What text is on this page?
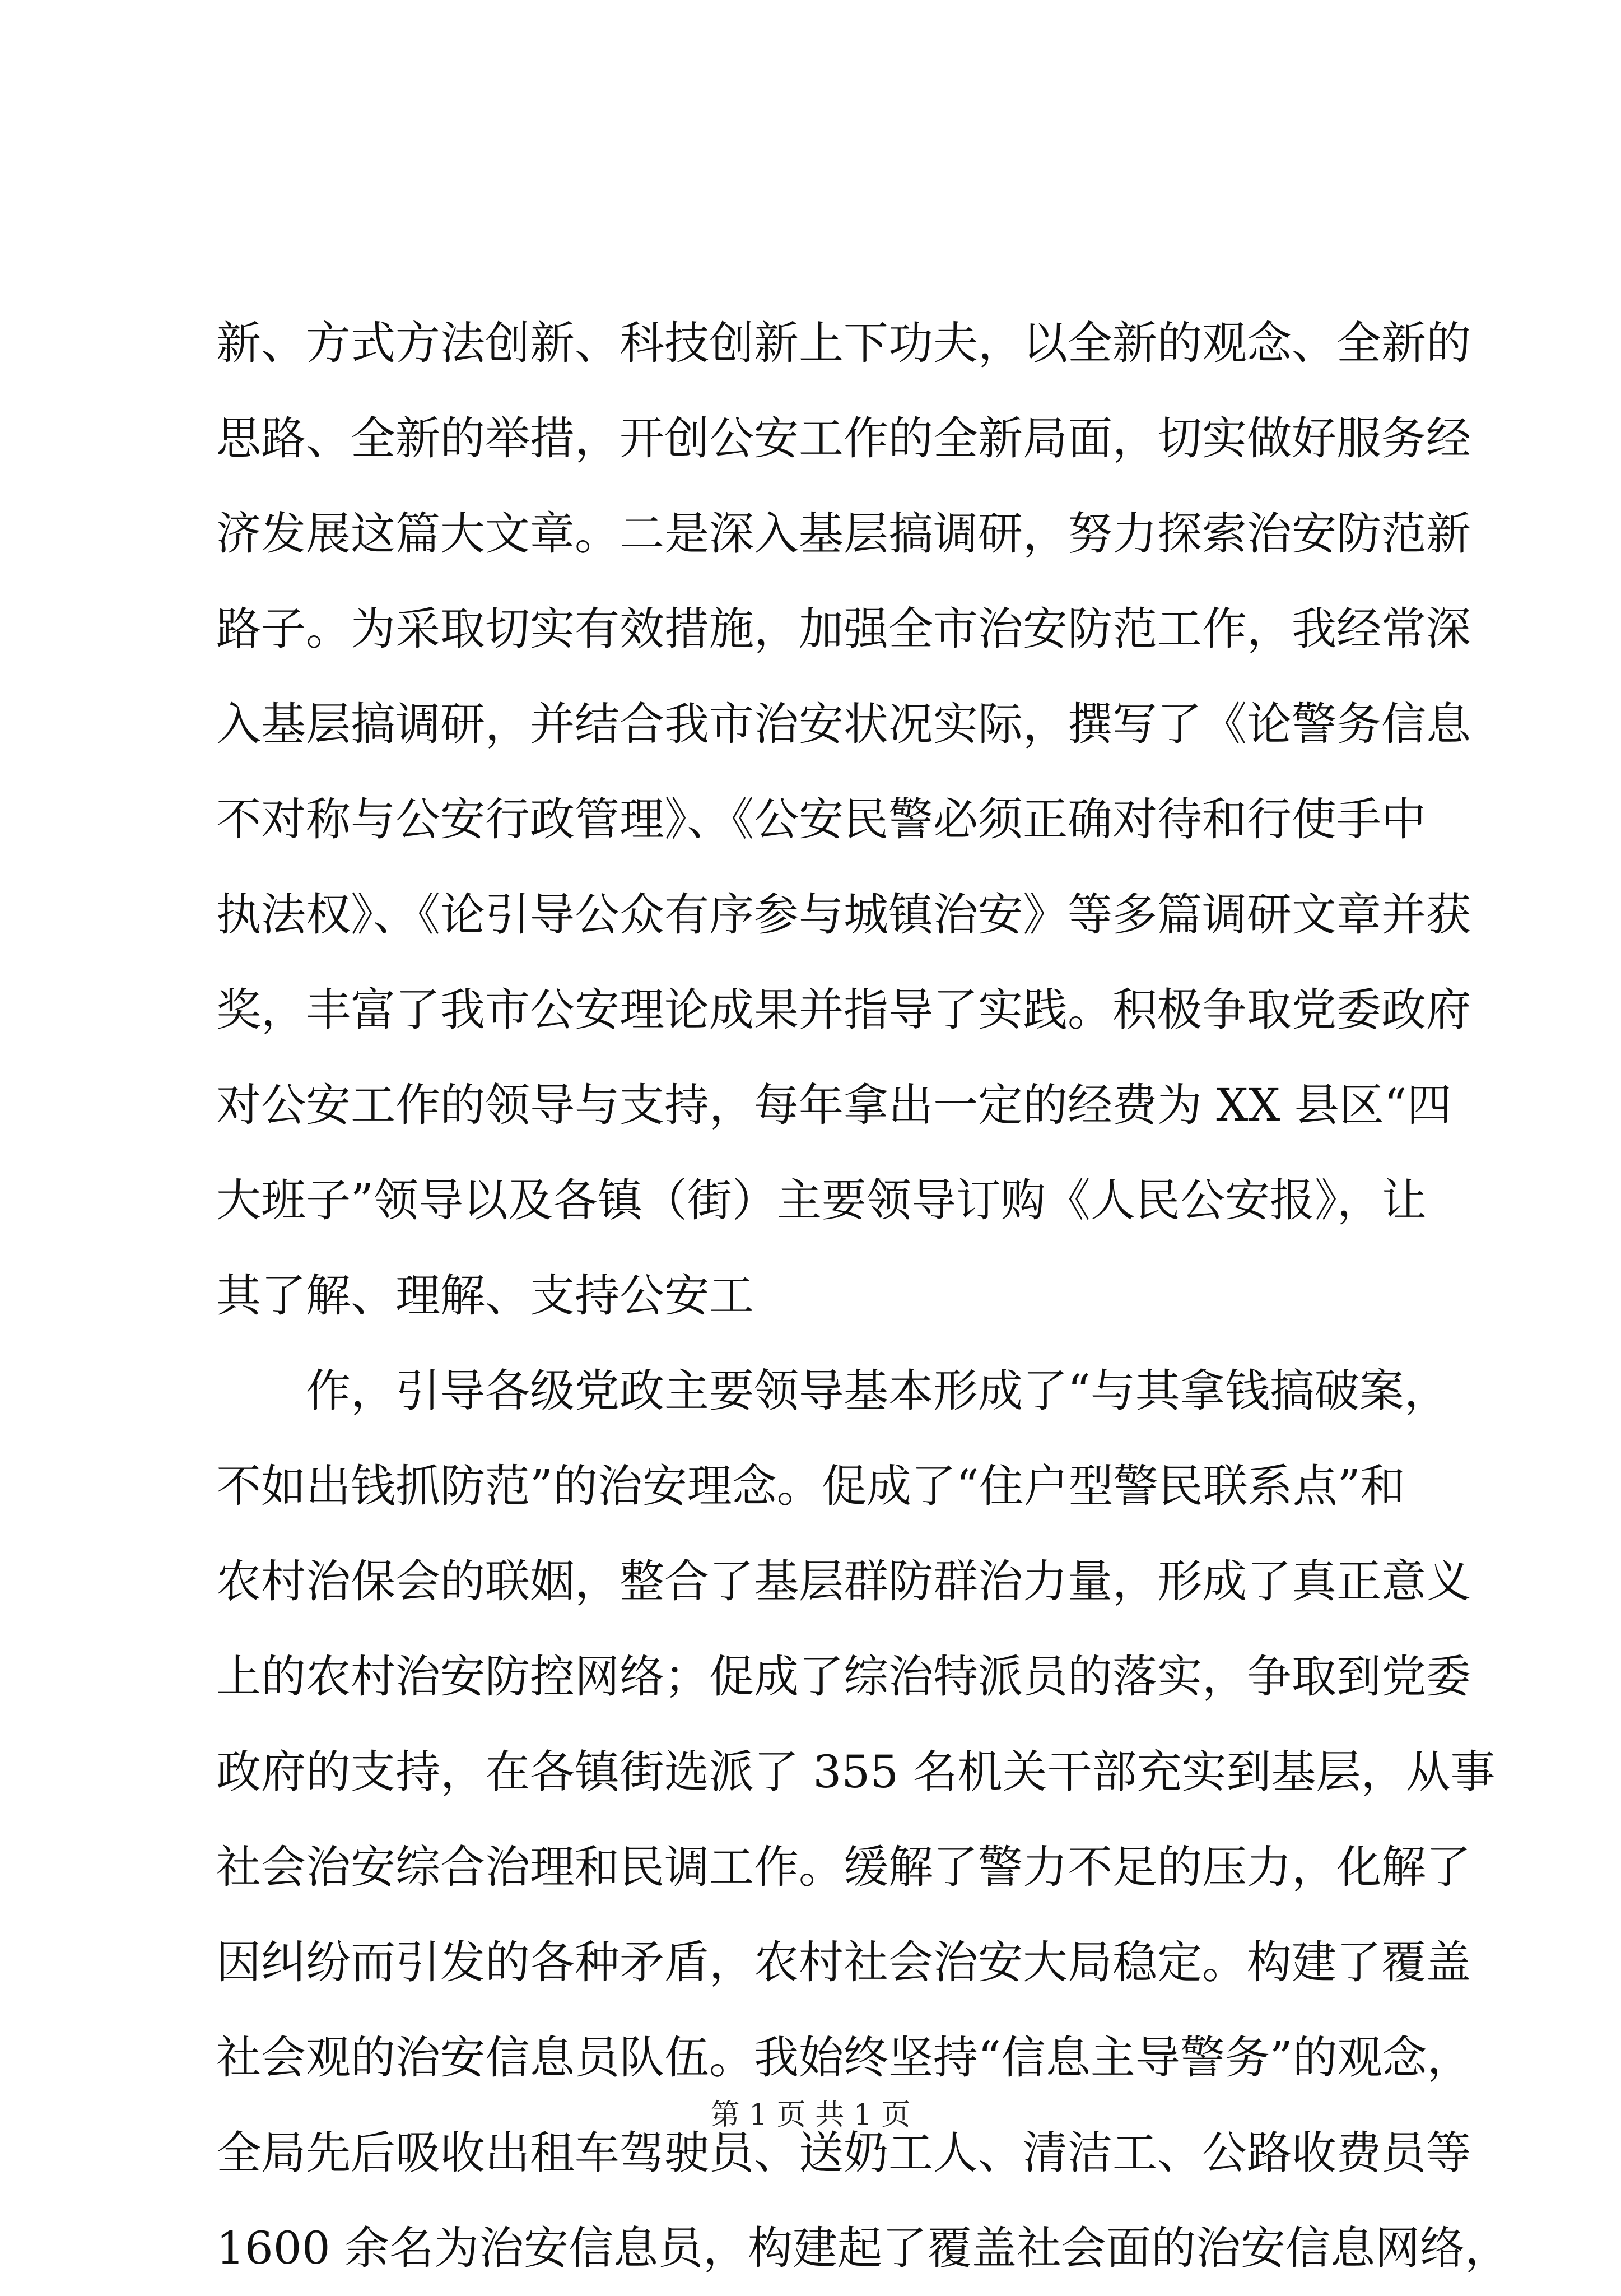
新、方式方法创新、科技创新上下功夫，以全新的观念、全新的
思路、全新的举措，开创公安工作的全新局面，切实做好服务经
济发展这篇大文章。二是深入基层搞调研，努力探索治安防范新
路子。为采取切实有效措施，加强全市治安防范工作，我经常深
入基层搞调研，并结合我市治安状况实际，撰写了《论警务信息
不对称与公安行政管理》、《公安民警必须正确对待和行使手中
执法权》、《论引导公众有序参与城镇治安》等多篇调研文章并获
奖，丰富了我市公安理论成果并指导了实践。积极争取党委政府
对公安工作的领导与支持，每年拿出一定的经费为 XX 县区“四
大班子”领导以及各镇（街）主要领导订购《人民公安报》，让
其了解、理解、支持公安工
作，引导各级党政主要领导基本形成了“与其拿钱搞破案，
不如出钱抓防范”的治安理念。促成了“住户型警民联系点”和
农村治保会的联姻，整合了基层群防群治力量，形成了真正意义
上的农村治安防控网络；促成了综治特派员的落实，争取到党委
政府的支持，在各镇街选派了 355 名机关干部充实到基层，从事
社会治安综合治理和民调工作。缓解了警力不足的压力，化解了
因纠纷而引发的各种矛盾，农村社会治安大局稳定。构建了覆盖
社会观的治安信息员队伍。我始终坚持“信息主导警务”的观念，
全局先后吸收出租车驾驶员、送奶工人、清洁工、公路收费员等
1600 余名为治安信息员，构建起了覆盖社会面的治安信息网络，
第 1 页 共 1 页
